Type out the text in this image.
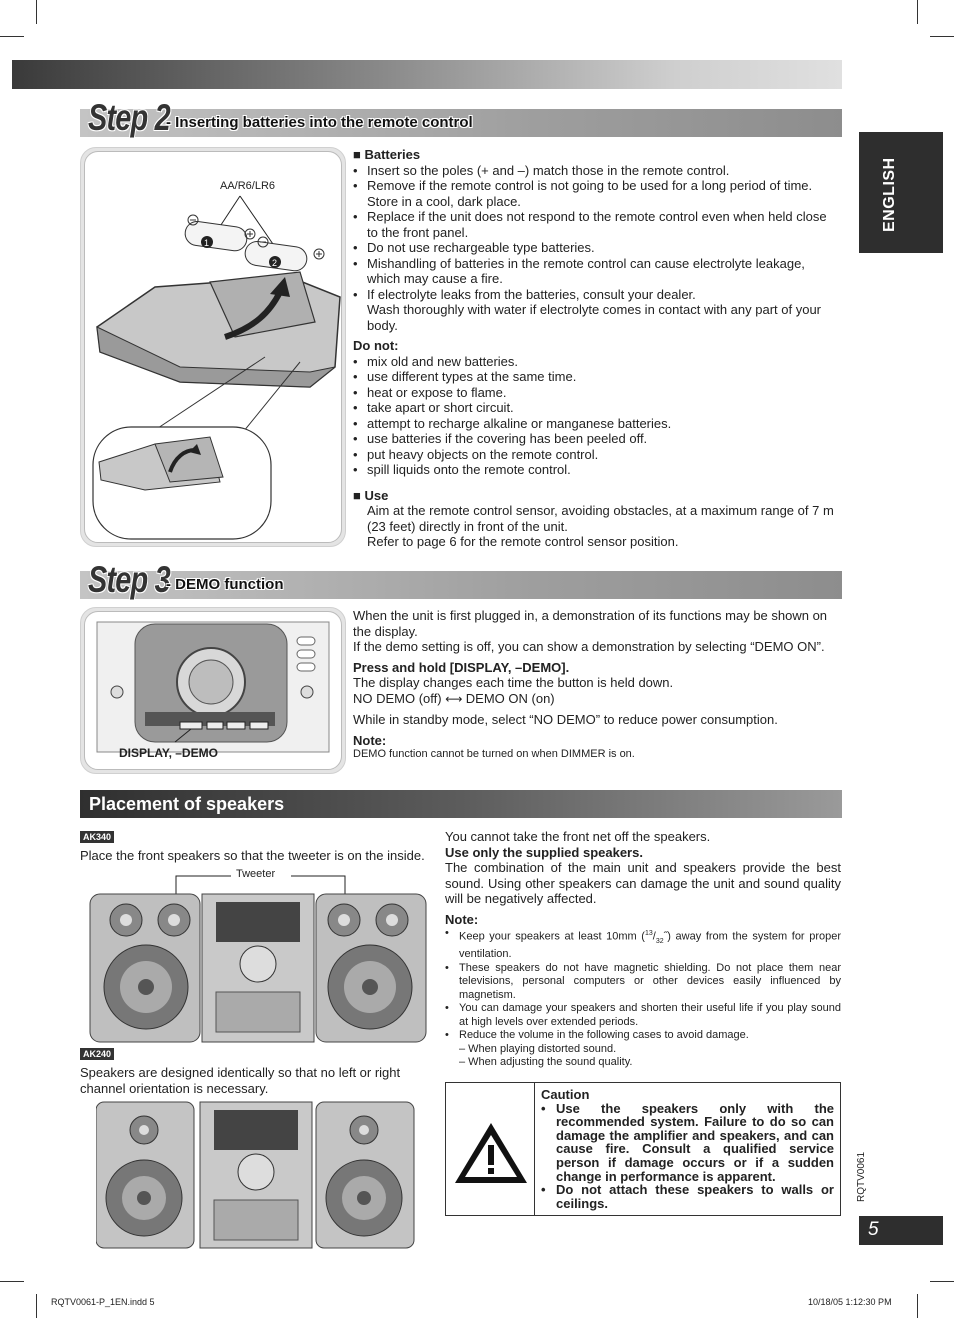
Step 2
- Inserting batteries into the remote control
AA/R6/LR6
1
2
■ Batteries
• Insert so the poles (+ and –) match those in the remote control.
• Remove if the remote control is not going to be used for a long period of time. Store in a cool, dark place.
• Replace if the unit does not respond to the remote control even when held close to the front panel.
• Do not use rechargeable type batteries.
• Mishandling of batteries in the remote control can cause electrolyte leakage, which may cause a fire.
• If electrolyte leaks from the batteries, consult your dealer.
Wash thoroughly with water if electrolyte comes in contact with any part of your body.
Do not:
• mix old and new batteries.
• use different types at the same time.
• heat or expose to flame.
• take apart or short circuit.
• attempt to recharge alkaline or manganese batteries.
• use batteries if the covering has been peeled off.
• put heavy objects on the remote control.
• spill liquids onto the remote control.
■ Use
Aim at the remote control sensor, avoiding obstacles, at a maximum range of 7 m (23 feet) directly in front of the unit.
Refer to page 6 for the remote control sensor position.
ENGLISH
Step 3
- DEMO function
DISPLAY, –DEMO
When the unit is first plugged in, a demonstration of its functions may be shown on the display.
If the demo setting is off, you can show a demonstration by selecting “DEMO ON”.
Press and hold [DISPLAY, –DEMO].
The display changes each time the button is held down.
NO DEMO (off) ⟷ DEMO ON (on)
While in standby mode, select “NO DEMO” to reduce power consumption.
Note:
DEMO function cannot be turned on when DIMMER is on.
Placement of speakers
AK340
Place the front speakers so that the tweeter is on the inside.
Tweeter
AK240
Speakers are designed identically so that no left or right channel orientation is necessary.
You cannot take the front net off the speakers.
Use only the supplied speakers.
The combination of the main unit and speakers provide the best sound. Using other speakers can damage the unit and sound quality will be negatively affected.
Note:
• Keep your speakers at least 10mm $(^{13}/_{32}˝)$ away from the system for proper ventilation.
• These speakers do not have magnetic shielding. Do not place them near televisions, personal computers or other devices easily influenced by magnetism.
• You can damage your speakers and shorten their useful life if you play sound at high levels over extended periods.
• Reduce the volume in the following cases to avoid damage.
– When playing distorted sound.
– When adjusting the sound quality.
Caution
• Use the speakers only with the recommended system. Failure to do so can damage the amplifier and speakers, and can cause fire. Consult a qualified service person if damage occurs or if a sudden change in performance is apparent.
• Do not attach these speakers to walls or ceilings.
RQTV0061
5
RQTV0061-P_1EN.indd 5	10/18/05 1:12:30 PM
